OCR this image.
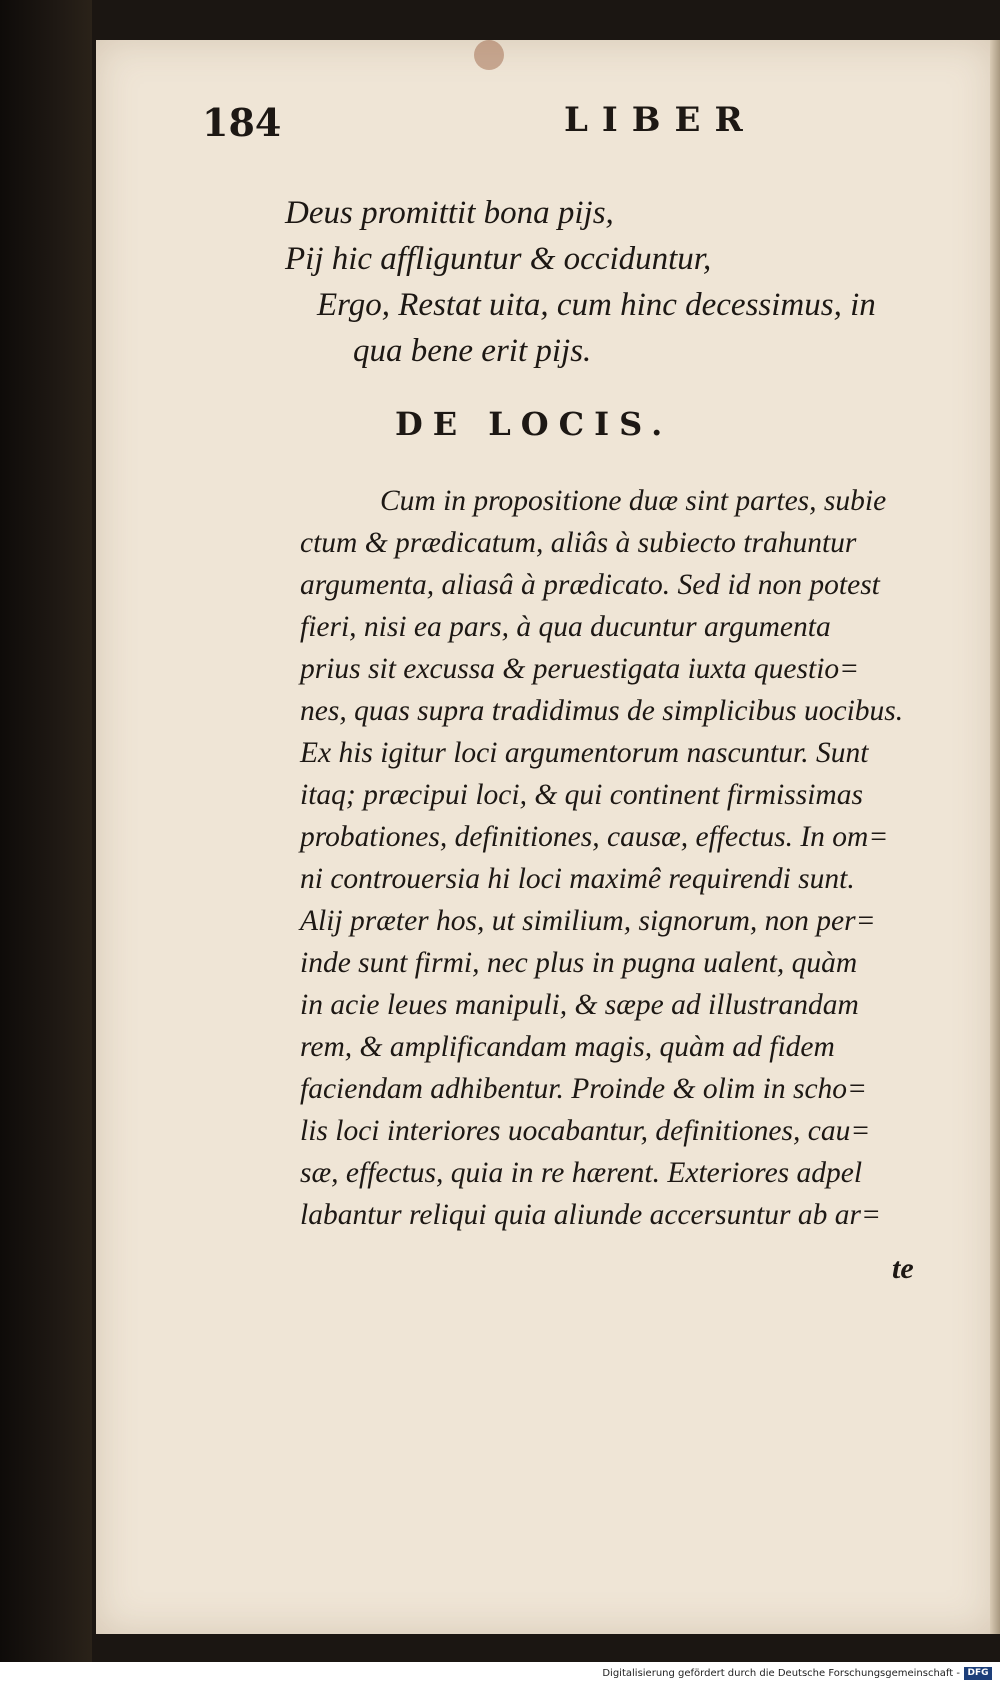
184	LIBER
Deus promittit bona pijs,
Pij hic affliguntur & occiduntur,
Ergo, Restat uita, cum hinc decessimus, in
qua bene erit pijs.
DE LOCIS.
Cum in propositione duæ sint partes, subie
ctum & prædicatum, aliâs à subiecto trahuntur
argumenta, aliasâ à prædicato. Sed id non potest
fieri, nisi ea pars, à qua ducuntur argumenta
prius sit excussa & peruestigata iuxta questio=
nes, quas supra tradidimus de simplicibus uocibus.
Ex his igitur loci argumentorum nascuntur. Sunt
itaq; præcipui loci, & qui continent firmissimas
probationes, definitiones, causæ, effectus. In om=
ni controuersia hi loci maximê requirendi sunt.
Alij præter hos, ut similium, signorum, non per=
inde sunt firmi, nec plus in pugna ualent, quàm
in acie leues manipuli, & sæpe ad illustrandam
rem, & amplificandam magis, quàm ad fidem
faciendam adhibentur. Proinde & olim in scho=
lis loci interiores uocabantur, definitiones, cau=
sæ, effectus, quia in re hærent. Exteriores adpel
labantur reliqui quia aliunde accersuntur ab ar=
te
Digitalisierung gefördert durch die Deutsche Forschungsgemeinschaft - DFG
